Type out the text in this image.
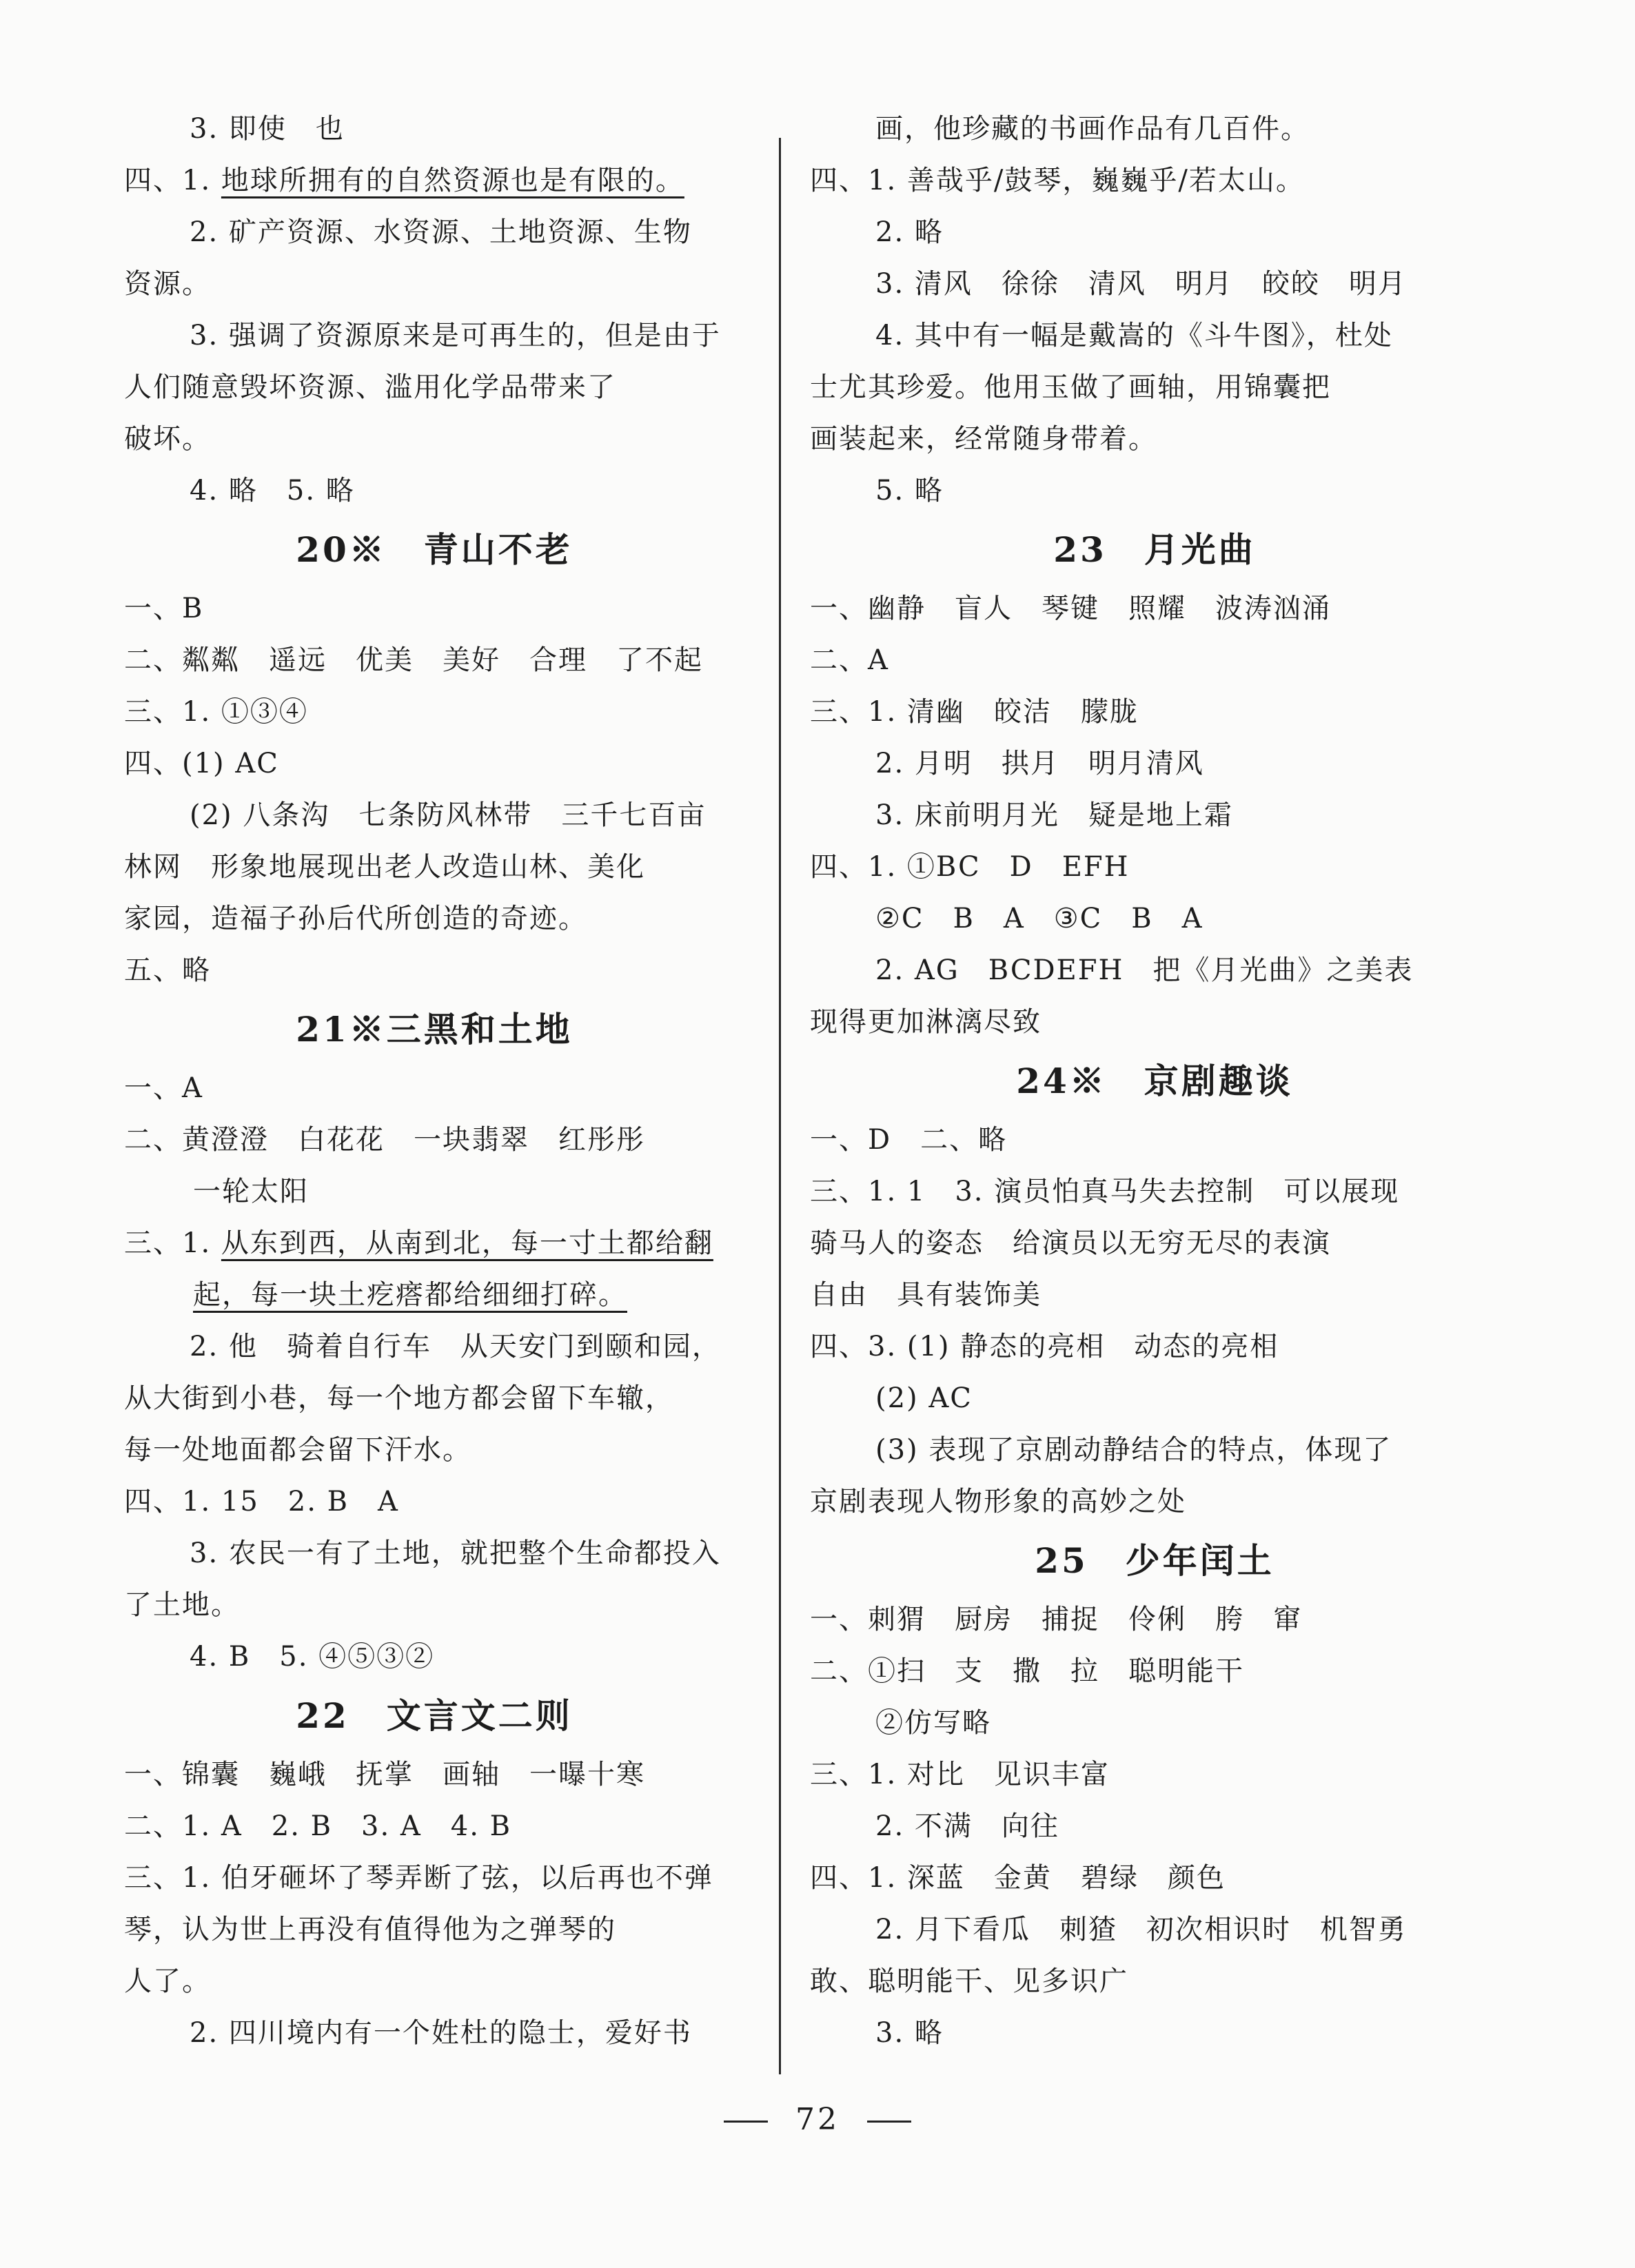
3. 即使　也
四、1. 地球所拥有的自然资源也是有限的。
2. 矿产资源、水资源、土地资源、生物
资源。
3. 强调了资源原来是可再生的，但是由于
人们随意毁坏资源、滥用化学品带来了
破坏。
4. 略　5. 略
20※　青山不老
一、B
二、粼粼　遥远　优美　美好　合理　了不起
三、1. ①③④
四、(1) AC
(2) 八条沟　七条防风林带　三千七百亩
林网　形象地展现出老人改造山林、美化
家园，造福子孙后代所创造的奇迹。
五、略
21※三黑和土地
一、A
二、黄澄澄　白花花　一块翡翠　红彤彤
一轮太阳
三、1. 从东到西，从南到北，每一寸土都给翻
起，每一块土疙瘩都给细细打碎。
2. 他　骑着自行车　从天安门到颐和园，
从大街到小巷，每一个地方都会留下车辙，
每一处地面都会留下汗水。
四、1. 15　2. B　A
3. 农民一有了土地，就把整个生命都投入
了土地。
4. B　5. ④⑤③②
22　文言文二则
一、锦囊　巍峨　抚掌　画轴　一曝十寒
二、1. A　2. B　3. A　4. B
三、1. 伯牙砸坏了琴弄断了弦，以后再也不弹
琴，认为世上再没有值得他为之弹琴的
人了。
2. 四川境内有一个姓杜的隐士，爱好书
画，他珍藏的书画作品有几百件。
四、1. 善哉乎/鼓琴，巍巍乎/若太山。
2. 略
3. 清风　徐徐　清风　明月　皎皎　明月
4. 其中有一幅是戴嵩的《斗牛图》，杜处
士尤其珍爱。他用玉做了画轴，用锦囊把
画装起来，经常随身带着。
5. 略
23　月光曲
一、幽静　盲人　琴键　照耀　波涛汹涌
二、A
三、1. 清幽　皎洁　朦胧
2. 月明　拱月　明月清风
3. 床前明月光　疑是地上霜
四、1. ①BC　D　EFH
②C　B　A　③C　B　A
2. AG　BCDEFH　把《月光曲》之美表
现得更加淋漓尽致
24※　京剧趣谈
一、D　二、略
三、1. 1　3. 演员怕真马失去控制　可以展现
骑马人的姿态　给演员以无穷无尽的表演
自由　具有装饰美
四、3. (1) 静态的亮相　动态的亮相
(2) AC
(3) 表现了京剧动静结合的特点，体现了
京剧表现人物形象的高妙之处
25　少年闰土
一、刺猬　厨房　捕捉　伶俐　胯　窜
二、①扫　支　撒　拉　聪明能干
②仿写略
三、1. 对比　见识丰富
2. 不满　向往
四、1. 深蓝　金黄　碧绿　颜色
2. 月下看瓜　刺猹　初次相识时　机智勇
敢、聪明能干、见多识广
3. 略
72
